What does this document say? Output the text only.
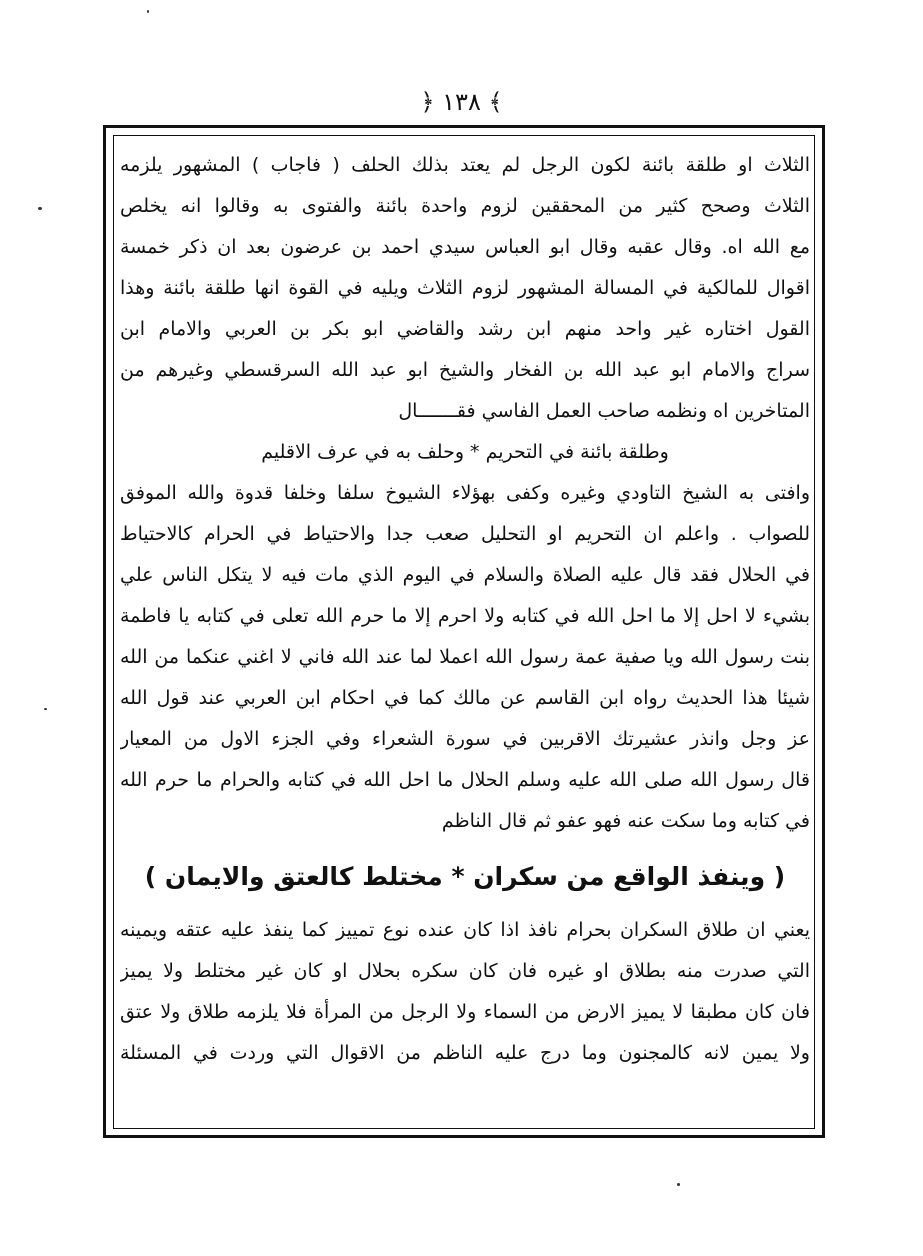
﴾ ١٣٨ ﴿
الثلاث او طلقة بائنة لكون الرجل لم يعتد بذلك الحلف ( فاجاب ) المشهور يلزمه
الثلاث وصحح كثير من المحققين لزوم واحدة بائنة والفتوى به وقالوا انه يخلص
مع الله اه. وقال عقبه وقال ابو العباس سيدي احمد بن عرضون بعد ان ذكر خمسة
اقوال للمالكية في المسالة المشهور لزوم الثلاث ويليه في القوة انها طلقة بائنة وهذا
القول اختاره غير واحد منهم ابن رشد والقاضي ابو بكر بن العربي والامام ابن
سراج والامام ابو عبد الله بن الفخار والشيخ ابو عبد الله السرقسطي وغيرهم من
المتاخرين اه ونظمه صاحب العمل الفاسي فقـــــــال
وطلقة بائنة في التحريم * وحلف به في عرف الاقليم
وافتى به الشيخ التاودي وغيره وكفى بهؤلاء الشيوخ سلفا وخلفا قدوة والله الموفق
للصواب . واعلم ان التحريم او التحليل صعب جدا والاحتياط في الحرام كالاحتياط
في الحلال فقد قال عليه الصلاة والسلام في اليوم الذي مات فيه لا يتكل الناس علي
بشيء لا احل إلا ما احل الله في كتابه ولا احرم إلا ما حرم الله تعلى في كتابه يا فاطمة
بنت رسول الله ويا صفية عمة رسول الله اعملا لما عند الله فاني لا اغني عنكما من الله
شيئا هذا الحديث رواه ابن القاسم عن مالك كما في احكام ابن العربي عند قول الله
عز وجل وانذر عشيرتك الاقربين في سورة الشعراء وفي الجزء الاول من المعيار
قال رسول الله صلى الله عليه وسلم الحلال ما احل الله في كتابه والحرام ما حرم الله
في كتابه وما سكت عنه فهو عفو ثم قال الناظم
( وينفذ الواقع من سكران * مختلط كالعتق والايمان )
يعني ان طلاق السكران بحرام نافذ اذا كان عنده نوع تمييز كما ينفذ عليه عتقه ويمينه
التي صدرت منه بطلاق او غيره فان كان سكره بحلال او كان غير مختلط ولا يميز
فان كان مطبقا لا يميز الارض من السماء ولا الرجل من المرأة فلا يلزمه طلاق ولا عتق
ولا يمين لانه كالمجنون وما درج عليه الناظم من الاقوال التي وردت في المسئلة
